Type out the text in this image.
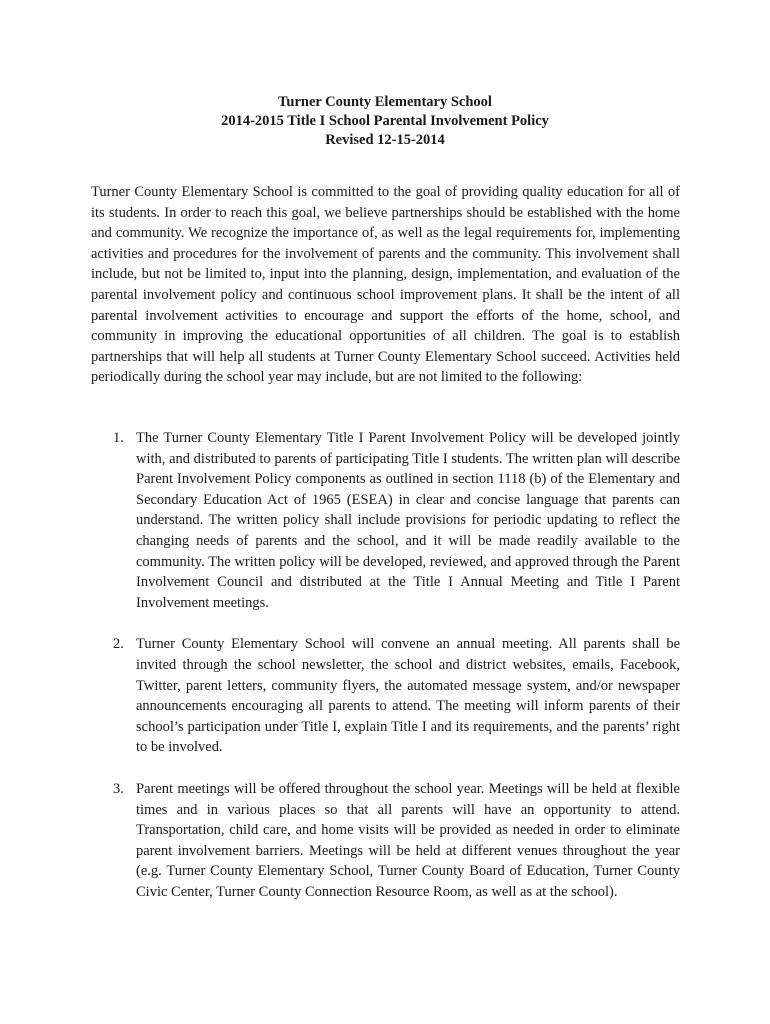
Turner County Elementary School
2014-2015 Title I School Parental Involvement Policy
Revised 12-15-2014

Turner County Elementary School is committed to the goal of providing quality education for all of its students. In order to reach this goal, we believe partnerships should be established with the home and community. We recognize the importance of, as well as the legal requirements for, implementing activities and procedures for the involvement of parents and the community. This involvement shall include, but not be limited to, input into the planning, design, implementation, and evaluation of the parental involvement policy and continuous school improvement plans. It shall be the intent of all parental involvement activities to encourage and support the efforts of the home, school, and community in improving the educational opportunities of all children. The goal is to establish partnerships that will help all students at Turner County Elementary School succeed. Activities held periodically during the school year may include, but are not limited to the following:

1. The Turner County Elementary Title I Parent Involvement Policy will be developed jointly with, and distributed to parents of participating Title I students. The written plan will describe Parent Involvement Policy components as outlined in section 1118 (b) of the Elementary and Secondary Education Act of 1965 (ESEA) in clear and concise language that parents can understand. The written policy shall include provisions for periodic updating to reflect the changing needs of parents and the school, and it will be made readily available to the community. The written policy will be developed, reviewed, and approved through the Parent Involvement Council and distributed at the Title I Annual Meeting and Title I Parent Involvement meetings.
2. Turner County Elementary School will convene an annual meeting. All parents shall be invited through the school newsletter, the school and district websites, emails, Facebook, Twitter, parent letters, community flyers, the automated message system, and/or newspaper announcements encouraging all parents to attend. The meeting will inform parents of their school’s participation under Title I, explain Title I and its requirements, and the parents’ right to be involved.
3. Parent meetings will be offered throughout the school year. Meetings will be held at flexible times and in various places so that all parents will have an opportunity to attend. Transportation, child care, and home visits will be provided as needed in order to eliminate parent involvement barriers. Meetings will be held at different venues throughout the year (e.g. Turner County Elementary School, Turner County Board of Education, Turner County Civic Center, Turner County Connection Resource Room, as well as at the school).
